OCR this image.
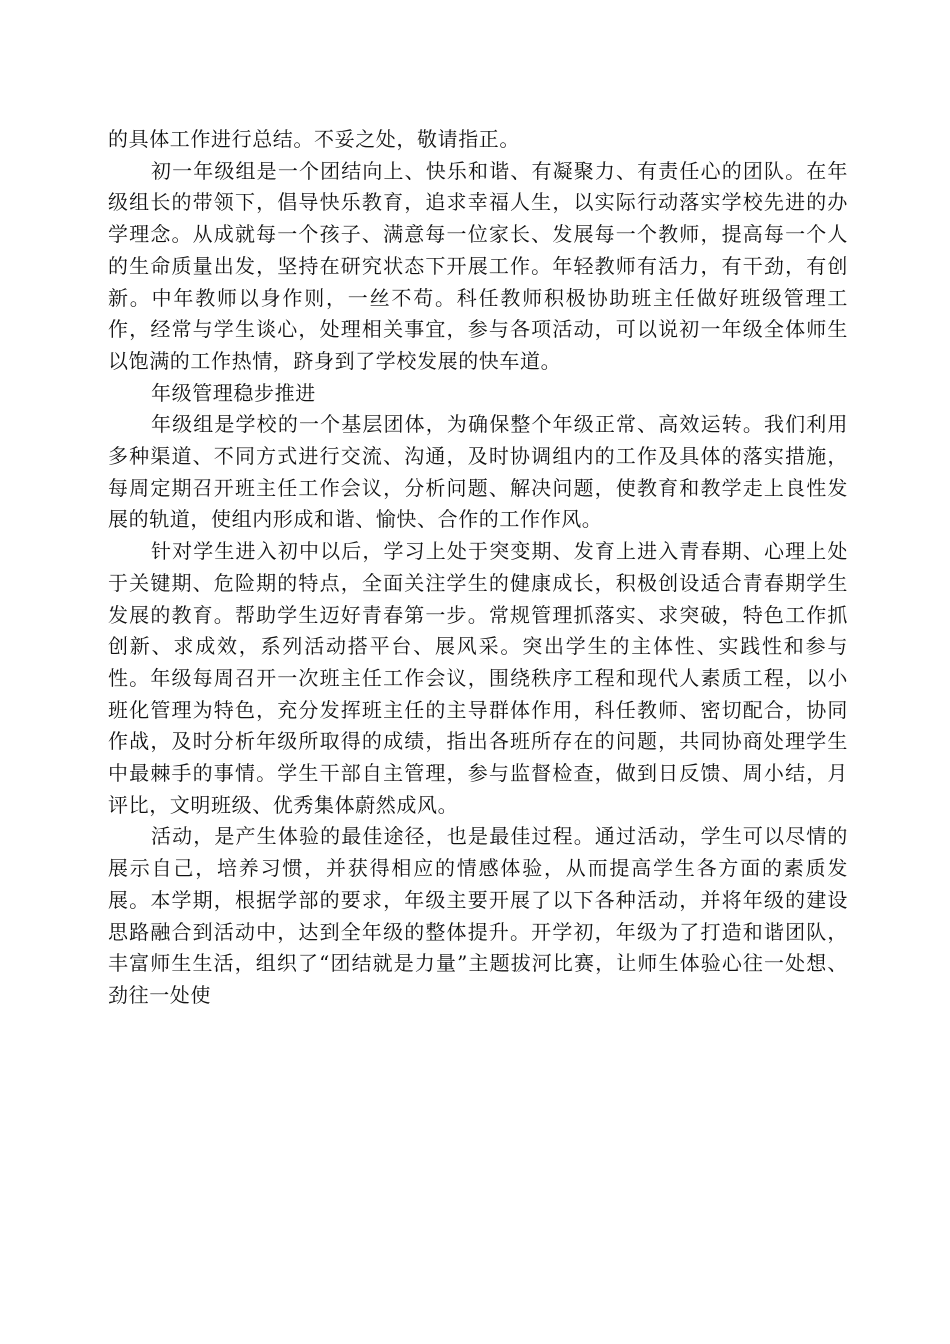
的具体工作进行总结。不妥之处，敬请指正。

初一年级组是一个团结向上、快乐和谐、有凝聚力、有责任心的团队。在年级组长的带领下，倡导快乐教育，追求幸福人生，以实际行动落实学校先进的办学理念。从成就每一个孩子、满意每一位家长、发展每一个教师，提高每一个人的生命质量出发，坚持在研究状态下开展工作。年轻教师有活力，有干劲，有创新。中年教师以身作则，一丝不苟。科任教师积极协助班主任做好班级管理工作，经常与学生谈心，处理相关事宜，参与各项活动，可以说初一年级全体师生以饱满的工作热情，跻身到了学校发展的快车道。

年级管理稳步推进

年级组是学校的一个基层团体，为确保整个年级正常、高效运转。我们利用多种渠道、不同方式进行交流、沟通，及时协调组内的工作及具体的落实措施，每周定期召开班主任工作会议，分析问题、解决问题，使教育和教学走上良性发展的轨道，使组内形成和谐、愉快、合作的工作作风。

针对学生进入初中以后，学习上处于突变期、发育上进入青春期、心理上处于关键期、危险期的特点，全面关注学生的健康成长，积极创设适合青春期学生发展的教育。帮助学生迈好青春第一步。常规管理抓落实、求突破，特色工作抓创新、求成效，系列活动搭平台、展风采。突出学生的主体性、实践性和参与性。年级每周召开一次班主任工作会议，围绕秩序工程和现代人素质工程，以小班化管理为特色，充分发挥班主任的主导群体作用，科任教师、密切配合，协同作战，及时分析年级所取得的成绩，指出各班所存在的问题，共同协商处理学生中最棘手的事情。学生干部自主管理，参与监督检查，做到日反馈、周小结，月评比，文明班级、优秀集体蔚然成风。

活动，是产生体验的最佳途径，也是最佳过程。通过活动，学生可以尽情的展示自己，培养习惯，并获得相应的情感体验，从而提高学生各方面的素质发展。本学期，根据学部的要求，年级主要开展了以下各种活动，并将年级的建设思路融合到活动中，达到全年级的整体提升。开学初，年级为了打造和谐团队，丰富师生生活，组织了“团结就是力量”主题拔河比赛，让师生体验心往一处想、劲往一处使
